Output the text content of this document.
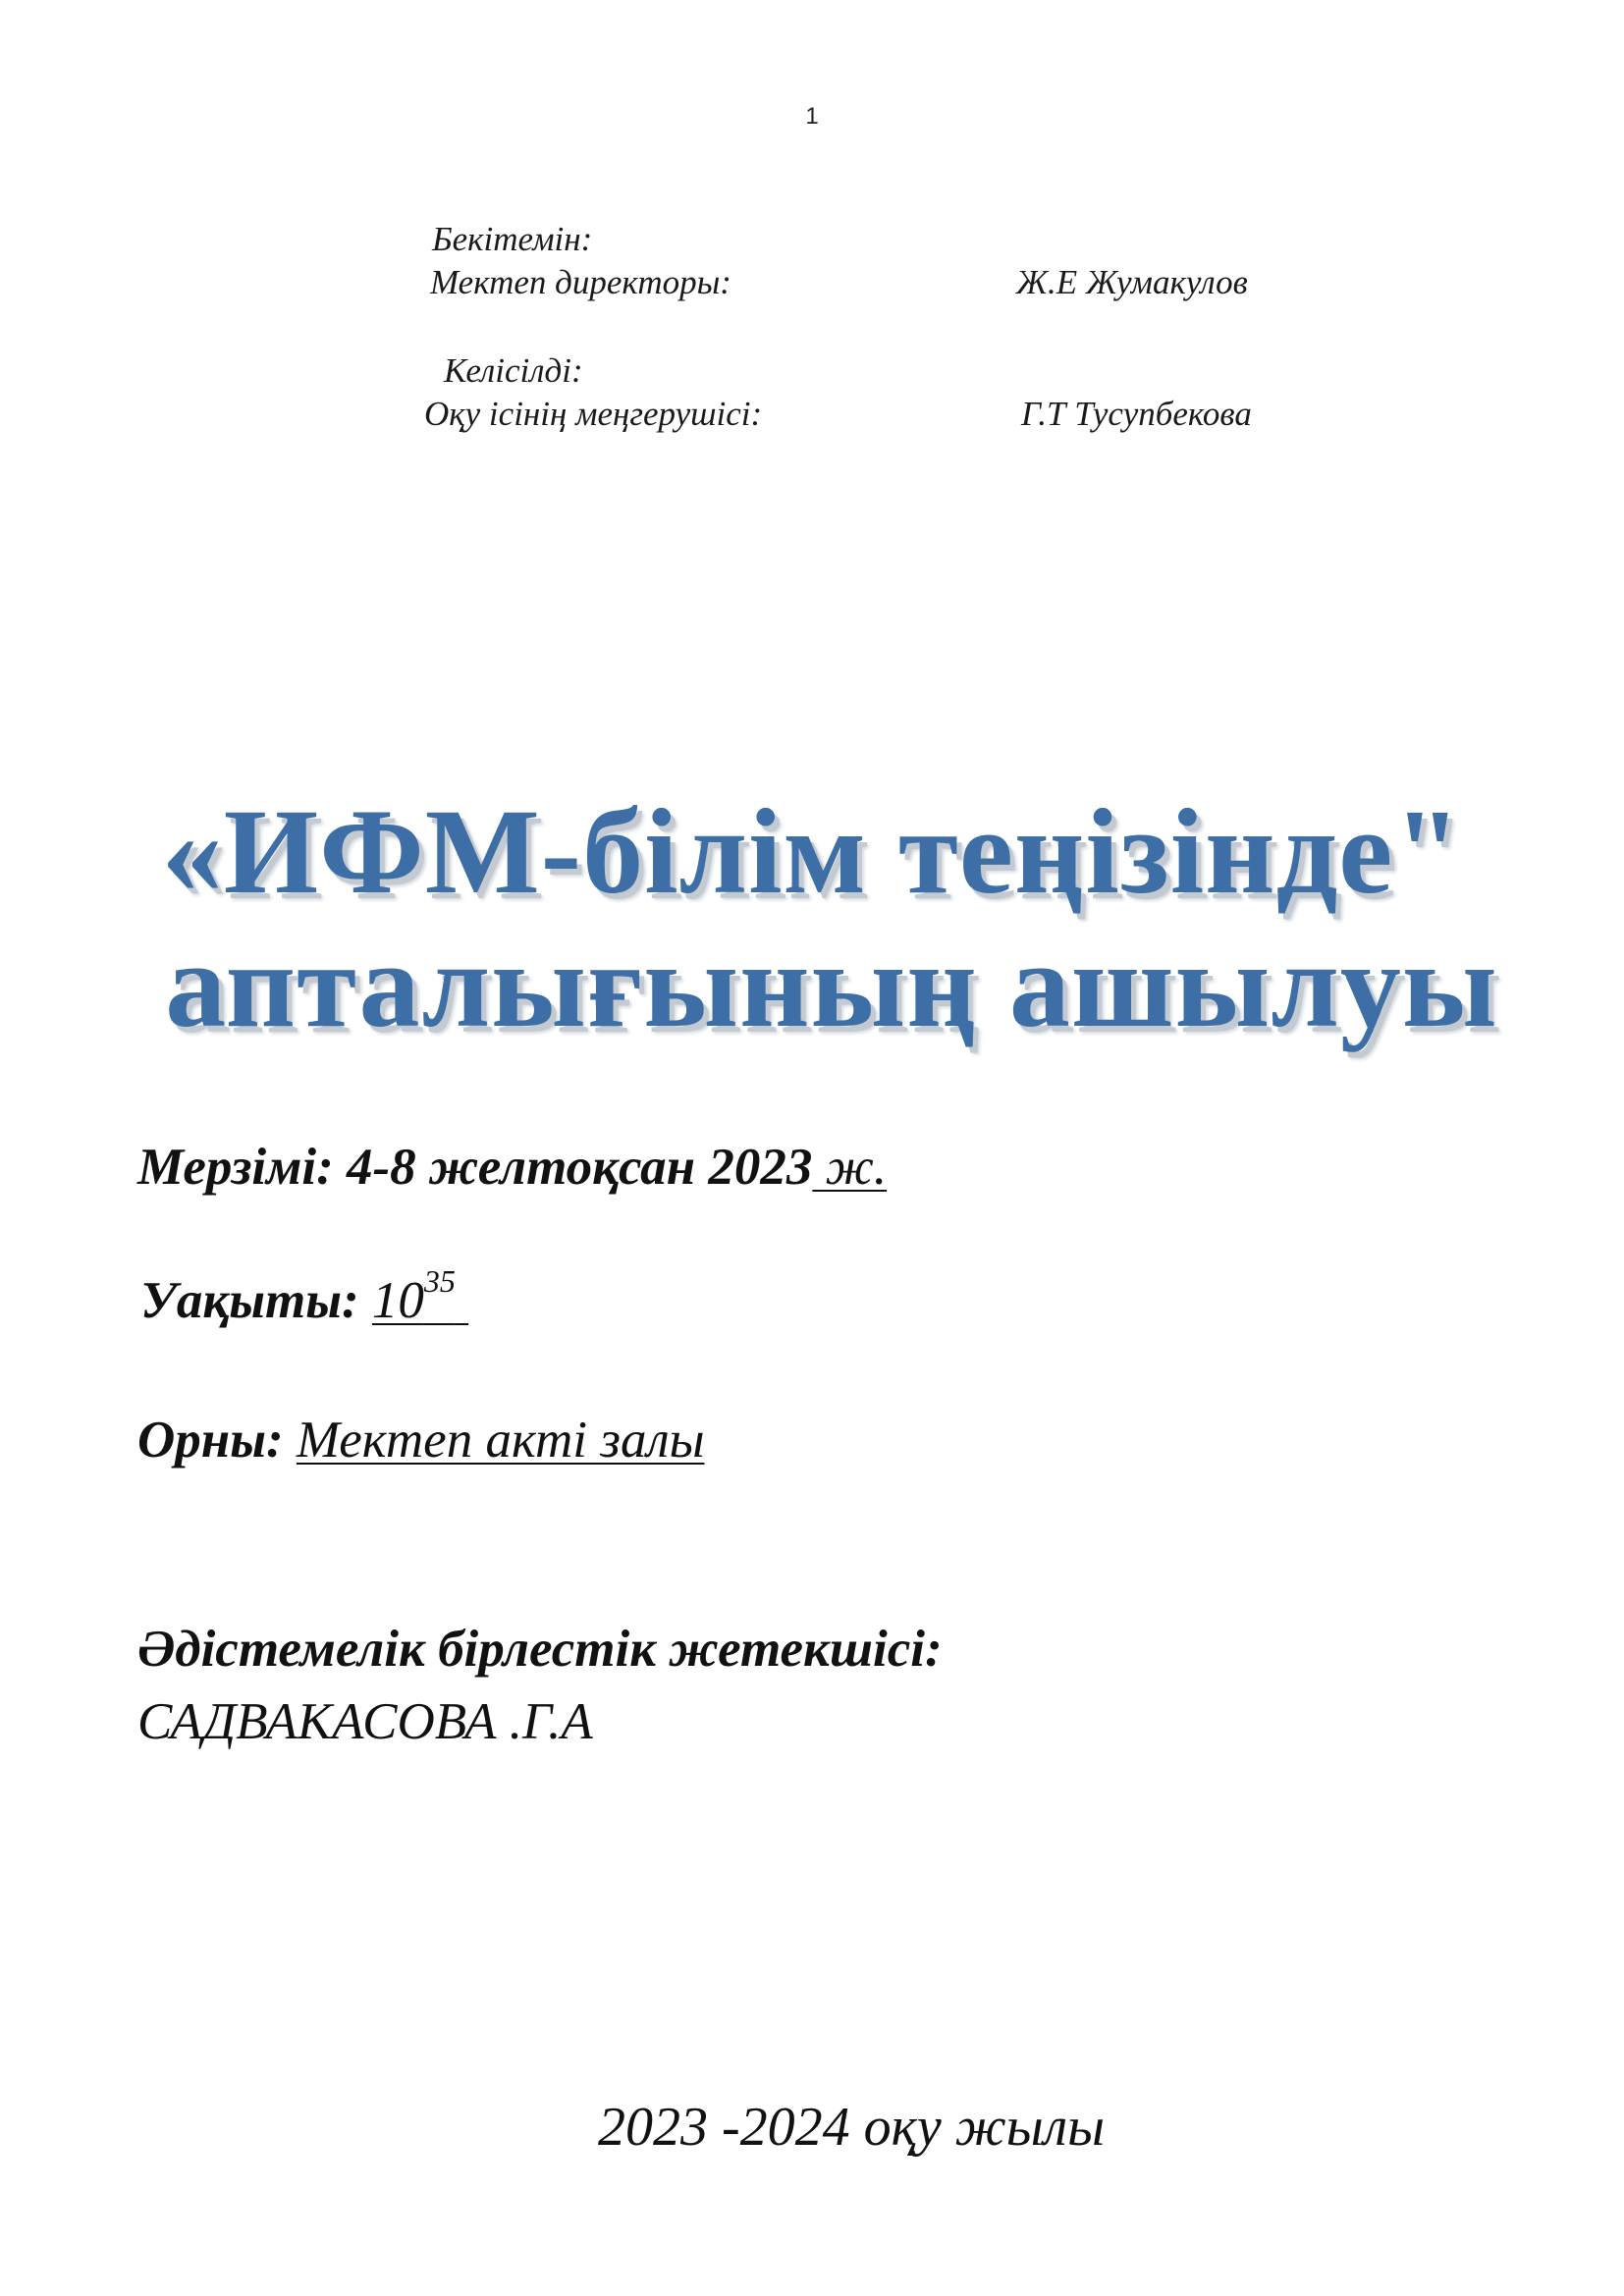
1
Бекітемін:
Мектеп директоры:	Ж.Е Жумакулов
Келісілді:
Оқу ісінің меңгерушісі:	Г.Т Тусупбекова
«ИФМ-білім теңізінде"
апталығының ашылуы
Мерзімі: 4-8 желтоқсан 2023 ж.
Уақыты: $10^{35}$
Орны: Мектеп акті залы
Әдістемелік бірлестік жетекшісі:
САДВАКАСОВА .Г.А
2023 -2024 оқу жылы
